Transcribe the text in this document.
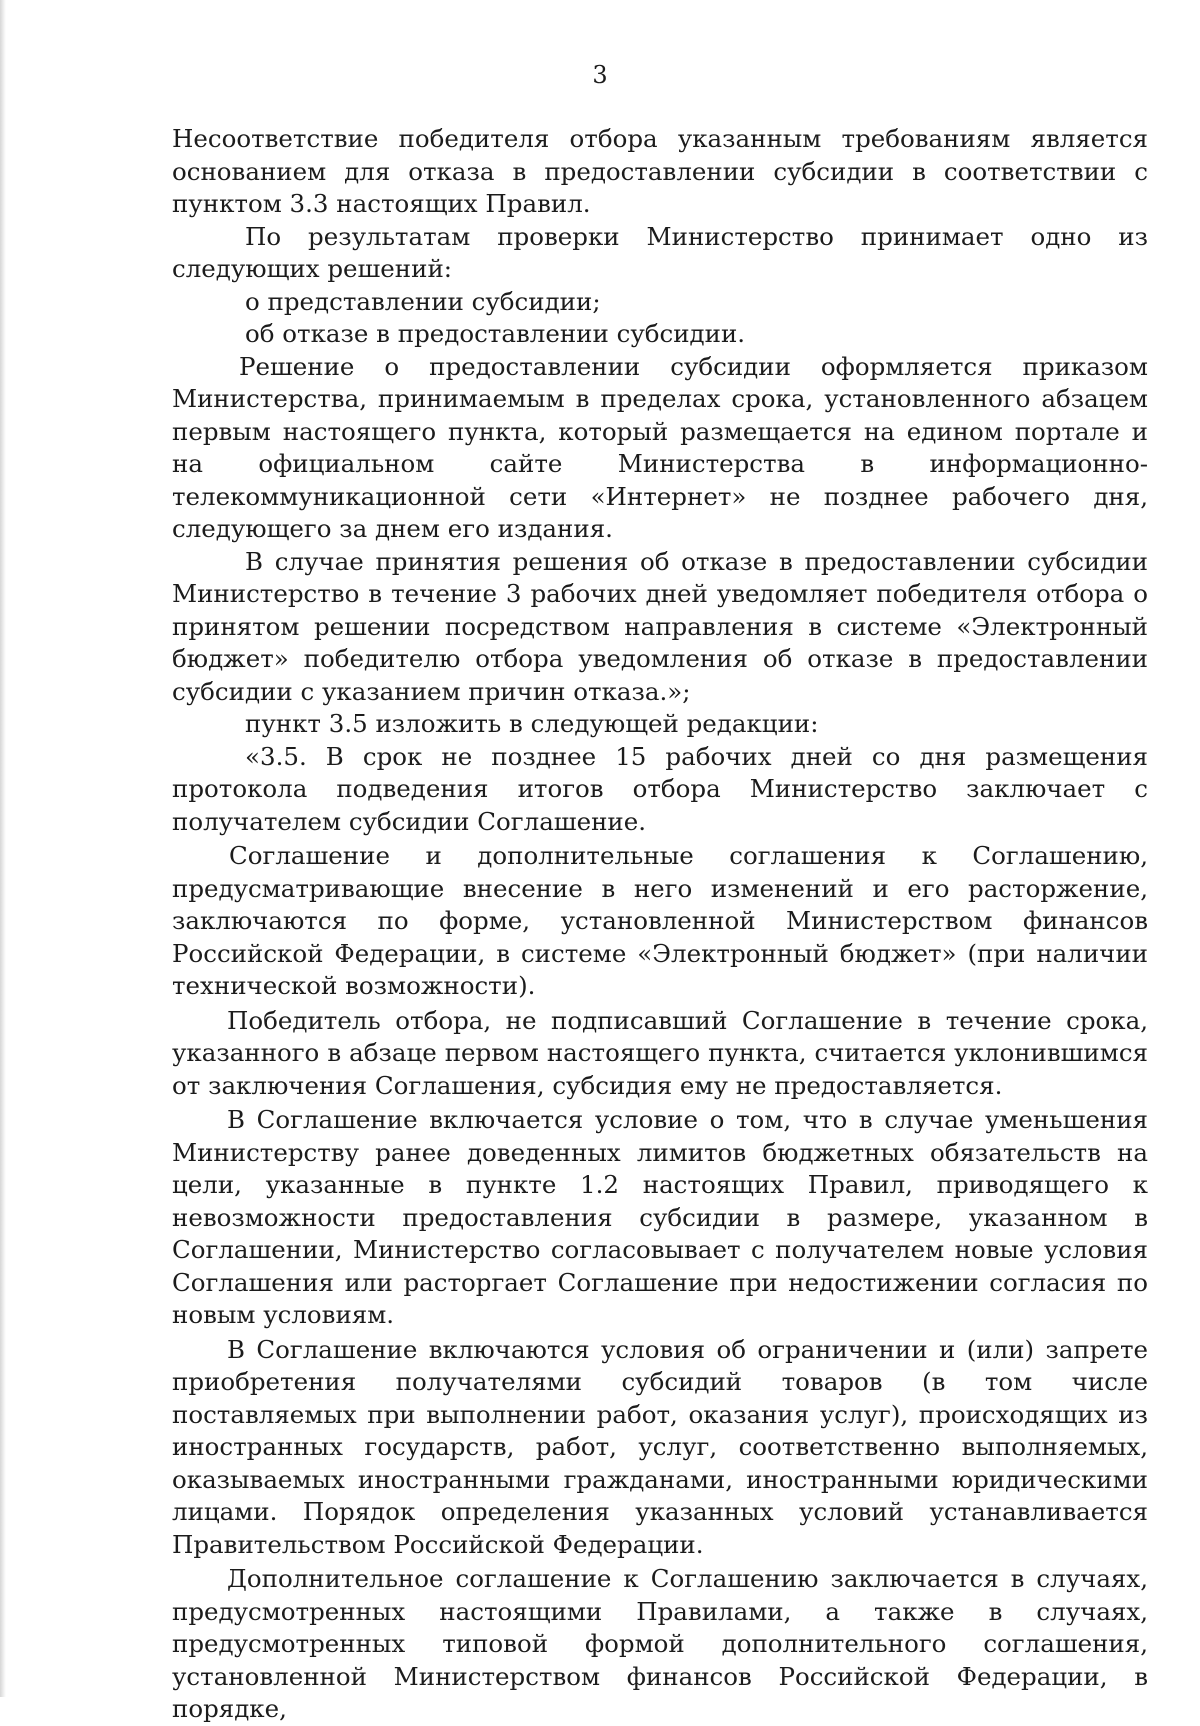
3

Несоответствие победителя отбора указанным требованиям является основанием для отказа в предоставлении субсидии в соответствии с пунктом 3.3 настоящих Правил.

По результатам проверки Министерство принимает одно из следующих решений:

о представлении субсидии;

об отказе в предоставлении субсидии.

Решение о предоставлении субсидии оформляется приказом Министерства, принимаемым в пределах срока, установленного абзацем первым настоящего пункта, который размещается на едином портале и на официальном сайте Министерства в информационно-телекоммуникационной сети «Интернет» не позднее рабочего дня, следующего за днем его издания.

В случае принятия решения об отказе в предоставлении субсидии Министерство в течение 3 рабочих дней уведомляет победителя отбора о принятом решении посредством направления в системе «Электронный бюджет» победителю отбора уведомления об отказе в предоставлении субсидии с указанием причин отказа.»;

пункт 3.5 изложить в следующей редакции:

«3.5. В срок не позднее 15 рабочих дней со дня размещения протокола подведения итогов отбора Министерство заключает с получателем субсидии Соглашение.

Соглашение и дополнительные соглашения к Соглашению, предусматривающие внесение в него изменений и его расторжение, заключаются по форме, установленной Министерством финансов Российской Федерации, в системе «Электронный бюджет» (при наличии технической возможности).

Победитель отбора, не подписавший Соглашение в течение срока, указанного в абзаце первом настоящего пункта, считается уклонившимся от заключения Соглашения, субсидия ему не предоставляется.

В Соглашение включается условие о том, что в случае уменьшения Министерству ранее доведенных лимитов бюджетных обязательств на цели, указанные в пункте 1.2 настоящих Правил, приводящего к невозможности предоставления субсидии в размере, указанном в Соглашении, Министерство согласовывает с получателем новые условия Соглашения или расторгает Соглашение при недостижении согласия по новым условиям.

В Соглашение включаются условия об ограничении и (или) запрете приобретения получателями субсидий товаров (в том числе поставляемых при выполнении работ, оказания услуг), происходящих из иностранных государств, работ, услуг, соответственно выполняемых, оказываемых иностранными гражданами, иностранными юридическими лицами. Порядок определения указанных условий устанавливается Правительством Российской Федерации.

Дополнительное соглашение к Соглашению заключается в случаях, предусмотренных настоящими Правилами, а также в случаях, предусмотренных типовой формой дополнительного соглашения, установленной Министерством финансов Российской Федерации, в порядке,
